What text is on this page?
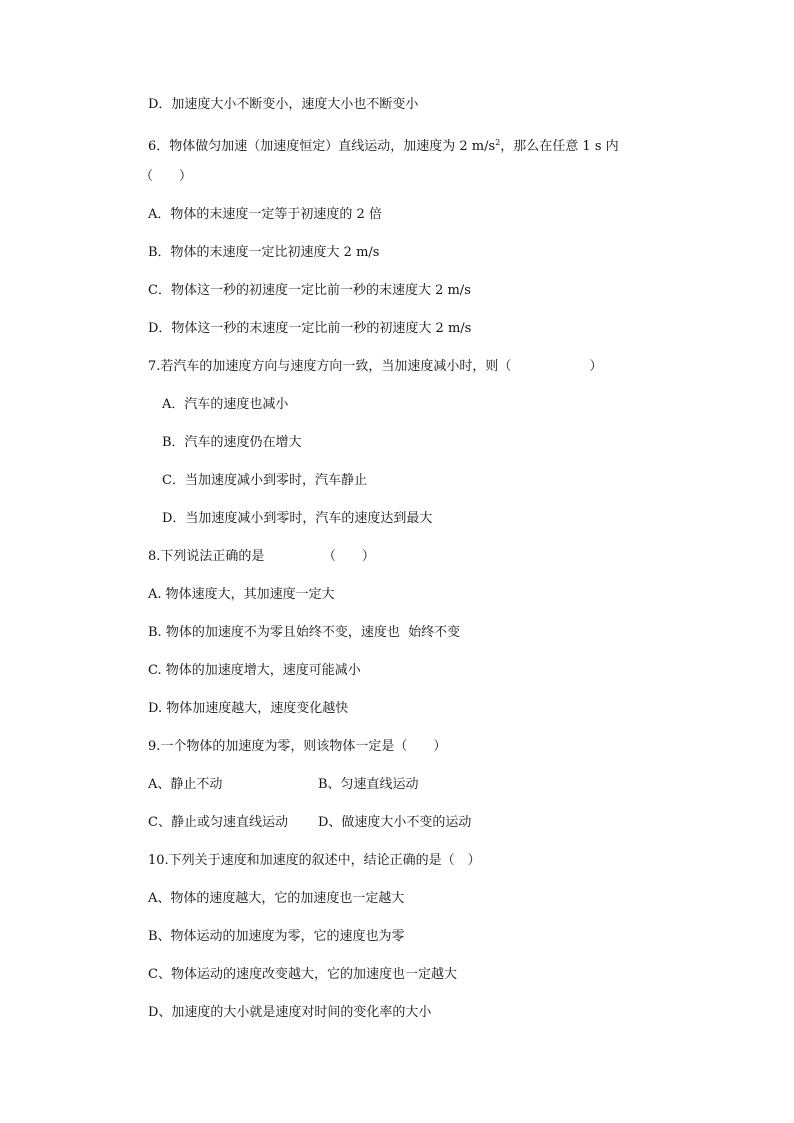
D．加速度大小不断变小，速度大小也不断变小
6．物体做匀加速（加速度恒定）直线运动，加速度为 2 $m/s^2$，那么在任意 1 s 内
（　　）
A．物体的末速度一定等于初速度的 2 倍
B．物体的末速度一定比初速度大 2 m/s
C．物体这一秒的初速度一定比前一秒的末速度大 2 m/s
D．物体这一秒的末速度一定比前一秒的初速度大 2 m/s
7.若汽车的加速度方向与速度方向一致，当加速度减小时，则（　　　　　　）
A．汽车的速度也减小
B．汽车的速度仍在增大
C．当加速度减小到零时，汽车静止
D．当加速度减小到零时，汽车的速度达到最大
8.下列说法正确的是　　　　　（　　）
A. 物体速度大，其加速度一定大
B. 物体的加速度不为零且始终不变，速度也  始终不变
C. 物体的加速度增大，速度可能减小
D. 物体加速度越大，速度变化越快
9.一个物体的加速度为零，则该物体一定是（　　）
A、静止不动	B、匀速直线运动
C、静止或匀速直线运动 D、做速度大小不变的运动
10.下列关于速度和加速度的叙述中，结论正确的是（　）
A、物体的速度越大，它的加速度也一定越大
B、物体运动的加速度为零，它的速度也为零
C、物体运动的速度改变越大，它的加速度也一定越大
D、加速度的大小就是速度对时间的变化率的大小
